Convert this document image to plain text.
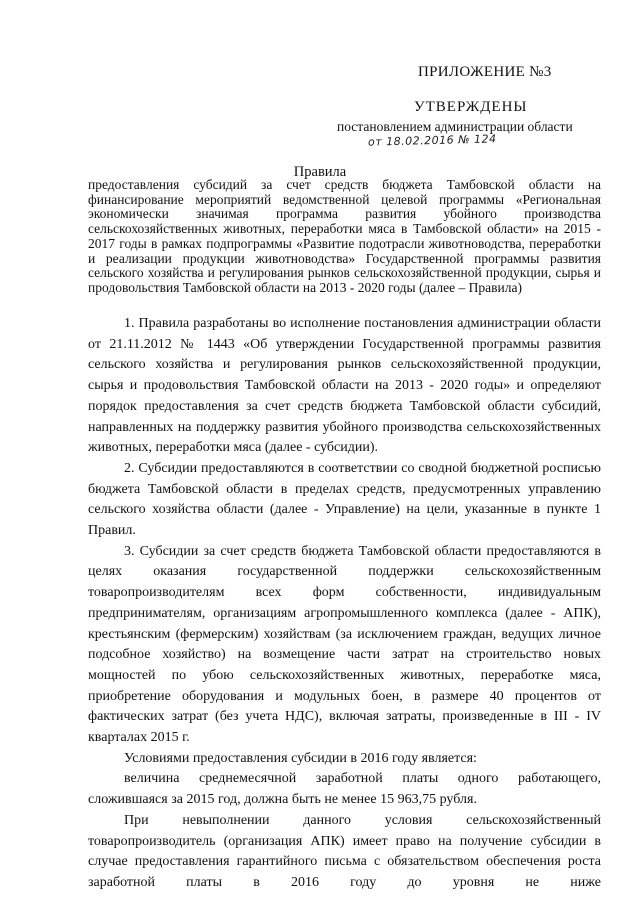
ПРИЛОЖЕНИЕ №3
УТВЕРЖДЕНЫ
постановлением администрации области
от 18.02.2016 № 124
Правила
предоставления субсидий за счет средств бюджета Тамбовской области на финансирование мероприятий ведомственной целевой программы «Региональная экономически значимая программа развития убойного производства сельскохозяйственных животных, переработки мяса в Тамбовской области» на 2015 - 2017 годы в рамках подпрограммы «Развитие подотрасли животноводства, переработки и реализации продукции животноводства» Государственной программы развития сельского хозяйства и регулирования рынков сельскохозяйственной продукции, сырья и продовольствия Тамбовской области на 2013 - 2020 годы (далее – Правила)

1. Правила разработаны во исполнение постановления администрации области от 21.11.2012 № 1443 «Об утверждении Государственной программы развития сельского хозяйства и регулирования рынков сельскохозяйственной продукции, сырья и продовольствия Тамбовской области на 2013 - 2020 годы» и определяют порядок предоставления за счет средств бюджета Тамбовской области субсидий, направленных на поддержку развития убойного производства сельскохозяйственных животных, переработки мяса (далее - субсидии).

2. Субсидии предоставляются в соответствии со сводной бюджетной росписью бюджета Тамбовской области в пределах средств, предусмотренных управлению сельского хозяйства области (далее - Управление) на цели, указанные в пункте 1 Правил.

3. Субсидии за счет средств бюджета Тамбовской области предоставляются в целях оказания государственной поддержки сельскохозяйственным товаропроизводителям всех форм собственности, индивидуальным предпринимателям, организациям агропромышленного комплекса (далее - АПК), крестьянским (фермерским) хозяйствам (за исключением граждан, ведущих личное подсобное хозяйство) на возмещение части затрат на строительство новых мощностей по убою сельскохозяйственных животных, переработке мяса, приобретение оборудования и модульных боен, в размере 40 процентов от фактических затрат (без учета НДС), включая затраты, произведенные в III - IV кварталах 2015 г.

Условиями предоставления субсидии в 2016 году является:

величина среднемесячной заработной платы одного работающего, сложившаяся за 2015 год, должна быть не менее 15 963,75 рубля.

При невыполнении данного условия сельскохозяйственный товаропроизводитель (организация АПК) имеет право на получение субсидии в случае предоставления гарантийного письма с обязательством обеспечения роста заработной платы в 2016 году до уровня не ниже
